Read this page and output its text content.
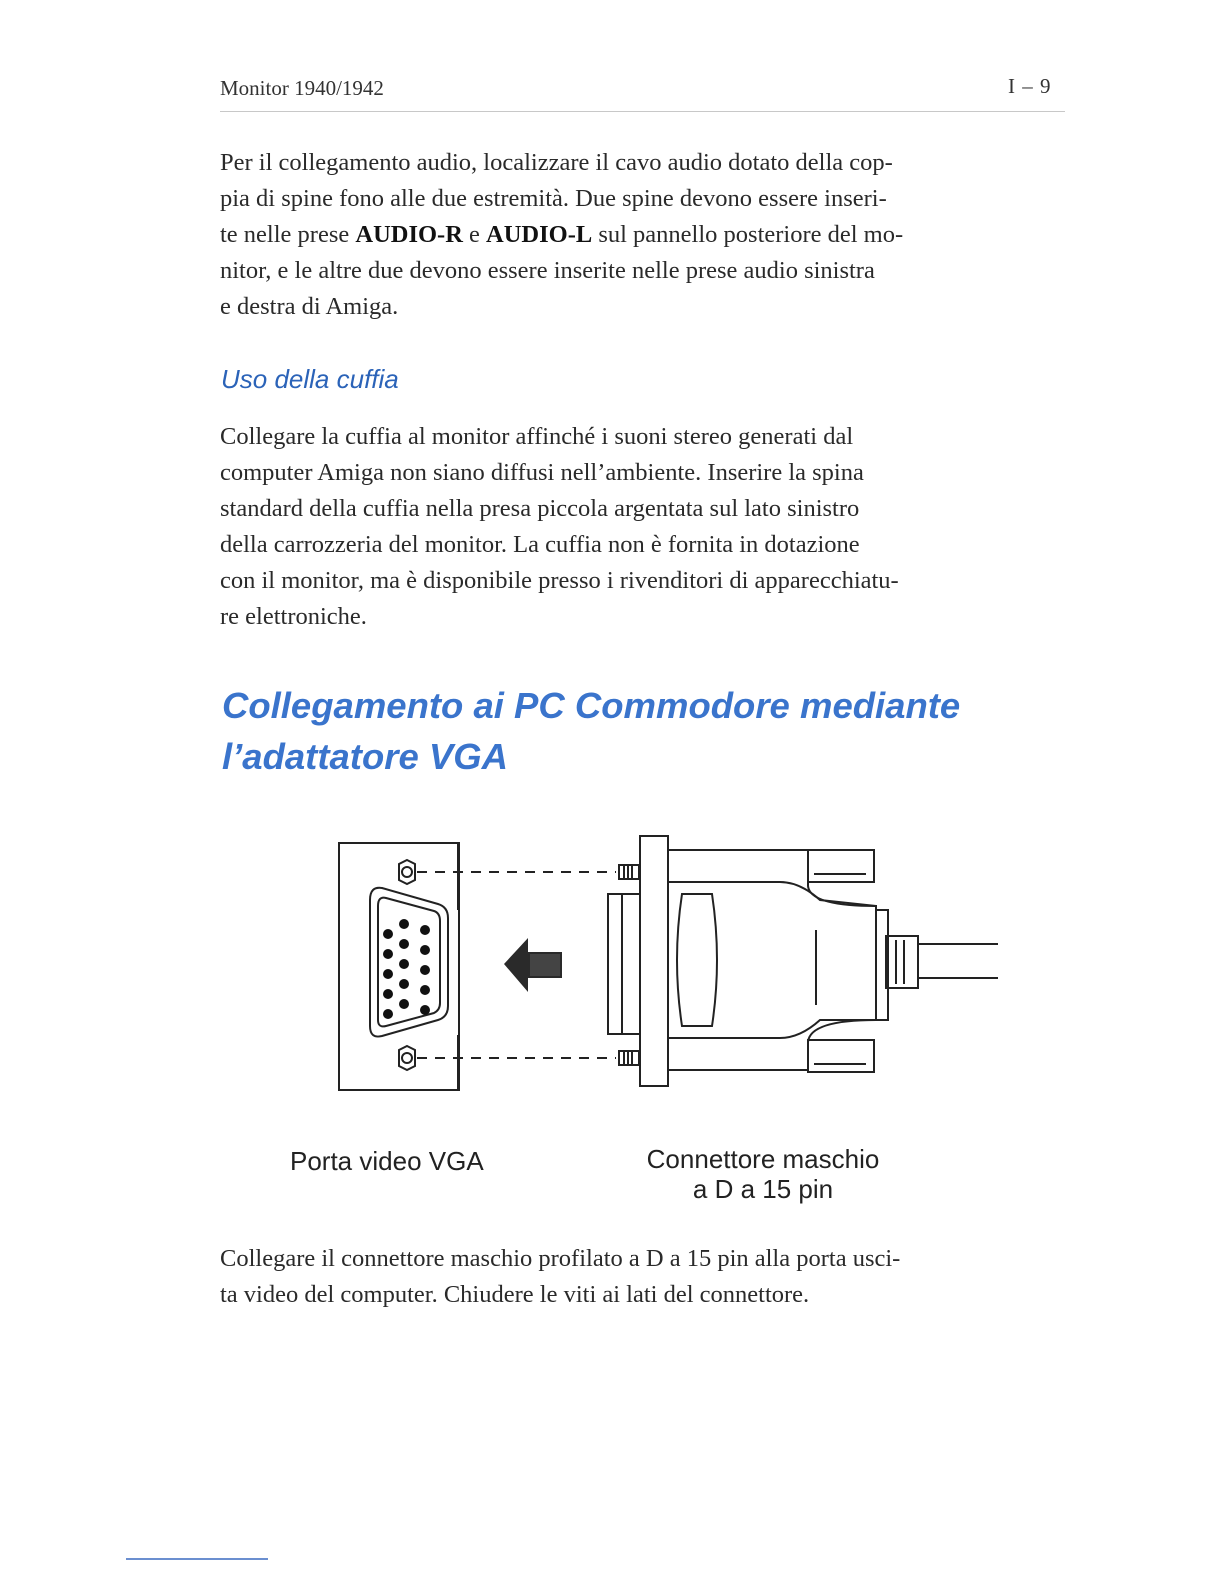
Monitor 1940/1942	I – 9

Per il collegamento audio, localizzare il cavo audio dotato della cop-
pia di spine fono alle due estremità. Due spine devono essere inseri-
te nelle prese AUDIO-R e AUDIO-L sul pannello posteriore del mo-
nitor, e le altre due devono essere inserite nelle prese audio sinistra
e destra di Amiga.

Uso della cuffia

Collegare la cuffia al monitor affinché i suoni stereo generati dal
computer Amiga non siano diffusi nell’ambiente. Inserire la spina
standard della cuffia nella presa piccola argentata sul lato sinistro
della carrozzeria del monitor. La cuffia non è fornita in dotazione
con il monitor, ma è disponibile presso i rivenditori di apparecchiatu-
re elettroniche.

Collegamento ai PC Commodore mediante
l’adattatore VGA
Porta video VGA	Connettore maschio
a D a 15 pin

Collegare il connettore maschio profilato a D a 15 pin alla porta usci-
ta video del computer. Chiudere le viti ai lati del connettore.
